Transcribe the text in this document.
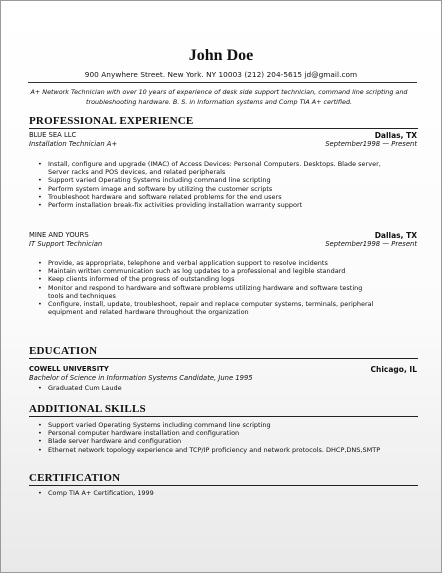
John Doe
900 Anywhere Street. New York. NY 10003 (212) 204-5615 jd@gmail.com
A+ Network Technician with over 10 years of experience of desk side support technician, command line scripting and
troubleshooting hardware. B. S. in Information systems and Comp TIA A+ certified.
PROFESSIONAL EXPERIENCE
BLUE SEA LLC
Installation Technician A+
Dallas, TX
September1998 — Present
• Install, configure and upgrade (IMAC) of Access Devices: Personal Computers. Desktops. Blade server,
Server racks and POS devices, and related peripherals
• Support varied Operating Systems including command line scripting
• Perform system image and software by utilizing the customer scripts
• Troubleshoot hardware and software related problems for the end users
• Perform installation break-fix activities providing installation warranty support
MINE AND YOURS
IT Support Technician
Dallas, TX
September1998 — Present
• Provide, as appropriate, telephone and verbal application support to resolve incidents
• Maintain written communication such as log updates to a professional and legible standard
• Keep clients informed of the progress of outstanding logs
• Monitor and respond to hardware and software problems utilizing hardware and software testing
tools and techniques
• Configure, install, update, troubleshoot, repair and replace computer systems, terminals, peripheral
equipment and related hardware throughout the organization
EDUCATION
COWELL UNIVERSITY
Bachelor of Science in Information Systems Candidate, June 1995
Chicago, IL
• Graduated Cum Laude
ADDITIONAL SKILLS
• Support varied Operating Systems including command line scripting
• Personal computer hardware installation and configuration
• Blade server hardware and configuration
• Ethernet network topology experience and TCP/IP proficiency and network protocols. DHCP,DNS,SMTP
CERTIFICATION
• Comp TIA A+ Certification, 1999
